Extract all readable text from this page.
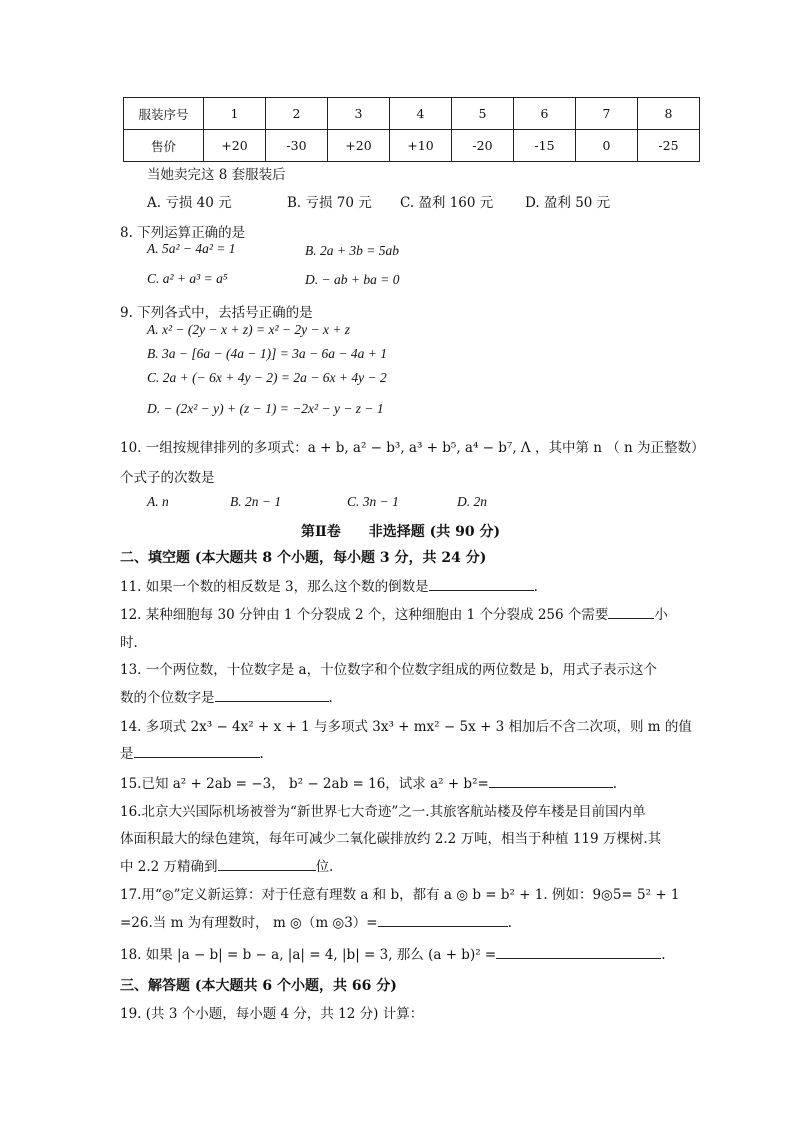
服装序号	1	2	3	4	5	6	7	8
售价	+20	-30	+20	+10	-20	-15	0	-25
当她卖完这 8 套服装后
A. 亏损 40 元	B. 亏损 70 元 C. 盈利 160 元 D. 盈利 50 元
8. 下列运算正确的是
A. 5a² − 4a² = 1	B. 2a + 3b = 5ab
C. a² + a³ = a⁵	D. − ab + ba = 0
9. 下列各式中，去括号正确的是
A. x² − (2y − x + z) = x² − 2y − x + z
B. 3a − [6a − (4a − 1)] = 3a − 6a − 4a + 1
C. 2a + (− 6x + 4y − 2) = 2a − 6x + 4y − 2
D. − (2x² − y) + (z − 1) = −2x² − y − z − 1
10. 一组按规律排列的多项式：a + b, a² − b³, a³ + b⁵, a⁴ − b⁷, Λ ，其中第 n （ n 为正整数）
个式子的次数是
A. n	B. 2n − 1	C. 3n − 1	D. 2n
第Ⅱ卷　　非选择题 (共 90 分)
二、填空题 (本大题共 8 个小题，每小题 3 分，共 24 分)
11. 如果一个数的相反数是 3，那么这个数的倒数是	.
12. 某种细胞每 30 分钟由 1 个分裂成 2 个，这种细胞由 1 个分裂成 256 个需要	小
时.
13. 一个两位数，十位数字是 a，十位数字和个位数字组成的两位数是 b，用式子表示这个
数的个位数字是	.
14. 多项式 2x³ − 4x² + x + 1 与多项式 3x³ + mx² − 5x + 3 相加后不含二次项，则 m 的值
是	.
15.已知 a² + 2ab = −3， b² − 2ab = 16，试求 a² + b²=	.
16.北京大兴国际机场被誉为“新世界七大奇迹”之一.其旅客航站楼及停车楼是目前国内单
体面积最大的绿色建筑，每年可减少二氧化碳排放约 2.2 万吨，相当于种植 119 万棵树.其
中 2.2 万精确到	位.
17.用“◎”定义新运算：对于任意有理数 a 和 b，都有 a ◎ b = b² + 1. 例如：9◎5= 5² + 1
=26.当 m 为有理数时， m ◎（m ◎3）=	.
18. 如果 |a − b| = b − a, |a| = 4, |b| = 3, 那么 (a + b)² =	.
三、解答题 (本大题共 6 个小题，共 66 分)
19. (共 3 个小题，每小题 4 分，共 12 分) 计算：
